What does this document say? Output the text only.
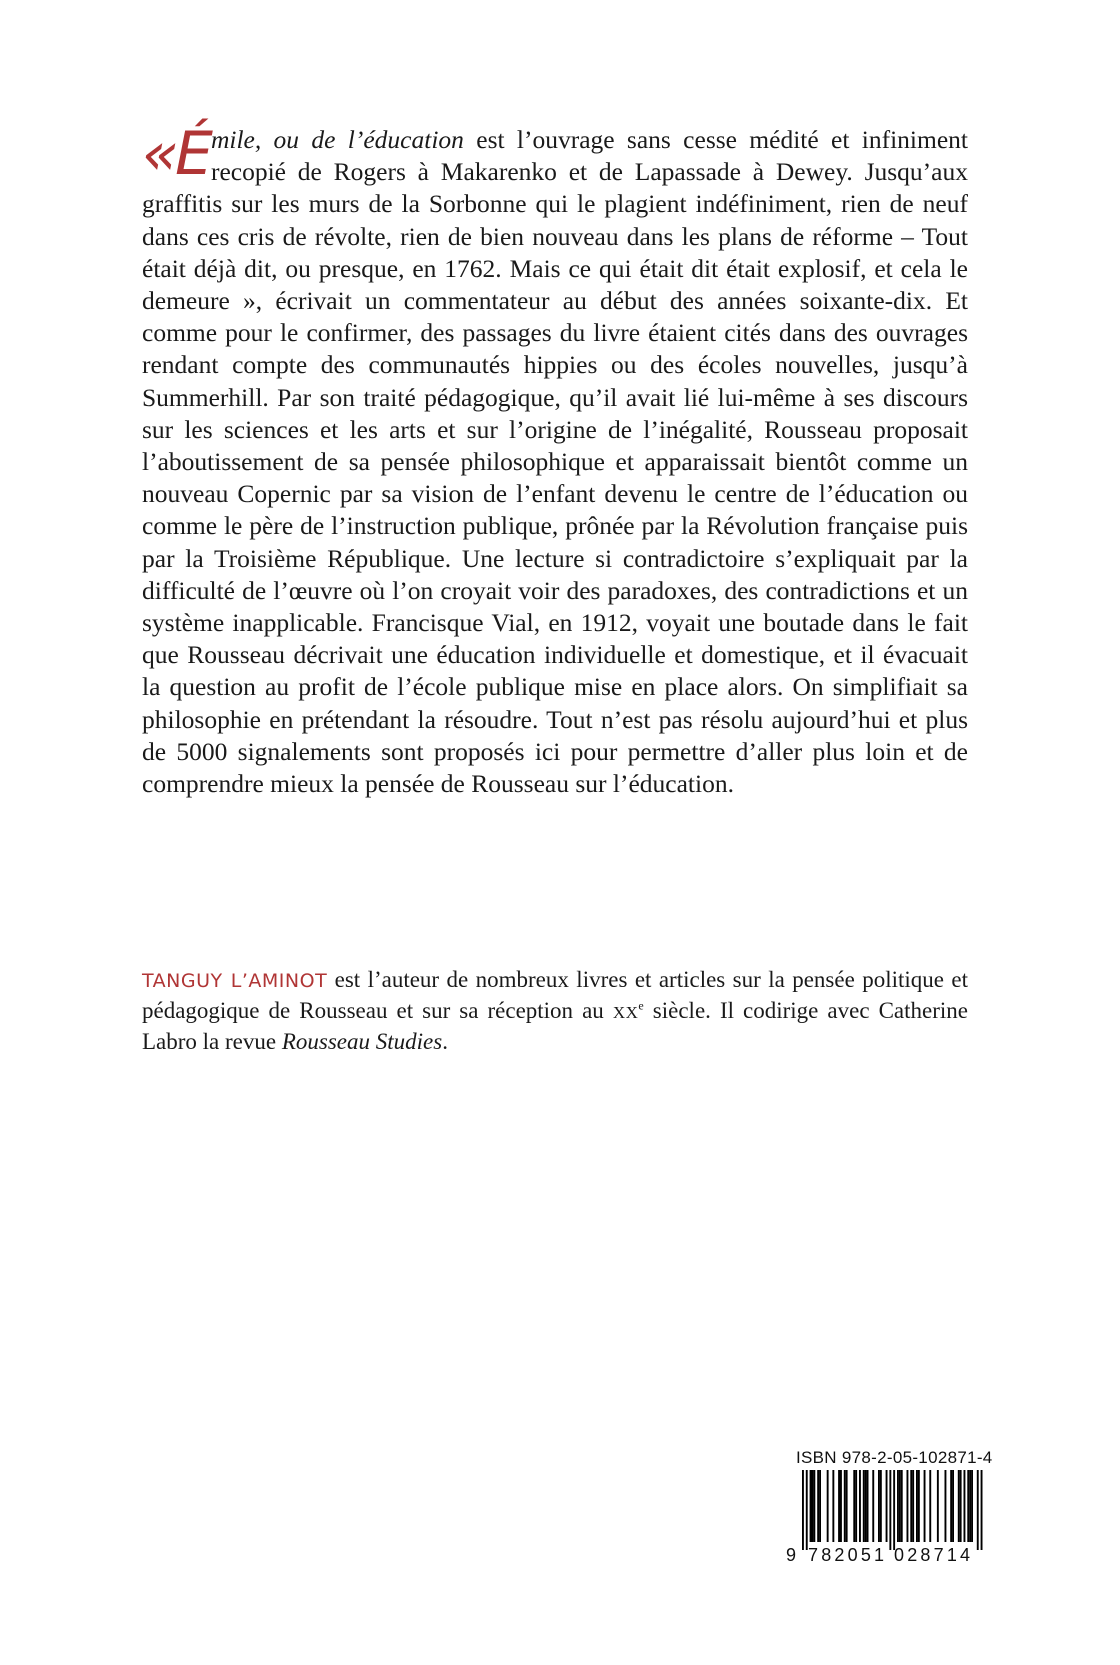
«É mile, ou de l’éducation est l’ouvrage sans cesse médité et infiniment recopié de Rogers à Makarenko et de Lapassade à Dewey. Jusqu’aux graffitis sur les murs de la Sorbonne qui le plagient indéfiniment, rien de neuf dans ces cris de révolte, rien de bien nouveau dans les plans de réforme – Tout était déjà dit, ou presque, en 1762. Mais ce qui était dit était explosif, et cela le demeure », écrivait un commentateur au début des années soixante-dix. Et comme pour le confirmer, des passages du livre étaient cités dans des ouvrages rendant compte des communautés hippies ou des écoles nouvelles, jusqu’à Summerhill. Par son traité pédagogique, qu’il avait lié lui-même à ses discours sur les sciences et les arts et sur l’origine de l’inégalité, Rousseau proposait l’aboutissement de sa pensée philosophique et apparaissait bientôt comme un nouveau Copernic par sa vision de l’enfant devenu le centre de l’éducation ou comme le père de l’instruction publique, prônée par la Révolution française puis par la Troisième République. Une lecture si contradictoire s’expliquait par la difficulté de l’œuvre où l’on croyait voir des paradoxes, des contradictions et un système inapplicable. Francisque Vial, en 1912, voyait une boutade dans le fait que Rousseau décrivait une éducation individuelle et domestique, et il évacuait la question au profit de l’école publique mise en place alors. On simplifiait sa philosophie en prétendant la résoudre. Tout n’est pas résolu aujourd’hui et plus de 5000 signalements sont proposés ici pour permettre d’aller plus loin et de comprendre mieux la pensée de Rousseau sur l’éducation.
TANGUY L’AMINOT est l’auteur de nombreux livres et articles sur la pensée politique et pédagogique de Rousseau et sur sa réception au XXe siècle. Il codirige avec Catherine Labro la revue Rousseau Studies.
ISBN 978-2-05-102871-4
9 782051 028714
